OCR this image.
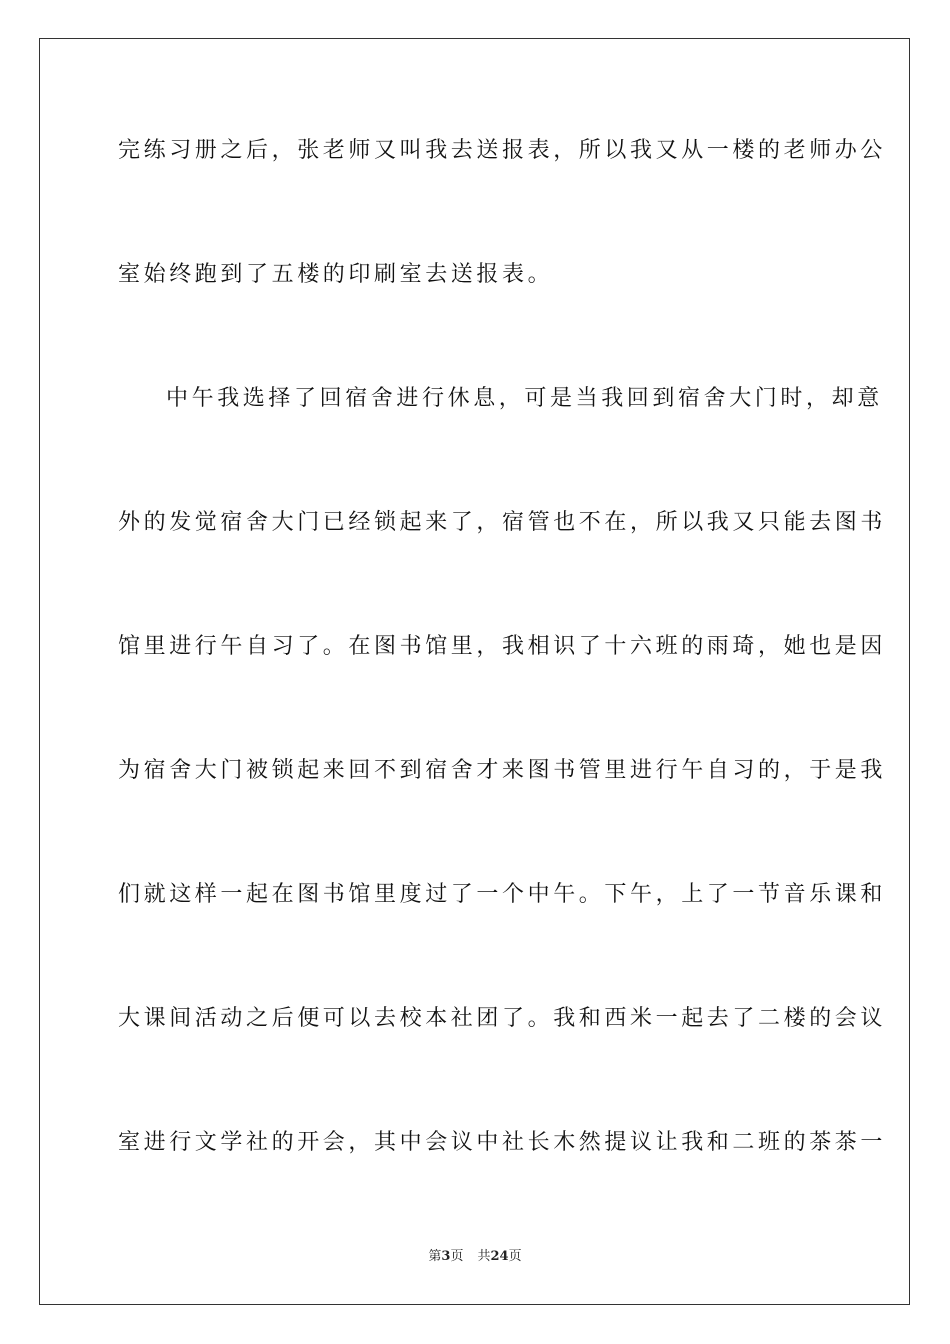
完练习册之后，张老师又叫我去送报表，所以我又从一楼的老师办公
室始终跑到了五楼的印刷室去送报表。
中午我选择了回宿舍进行休息，可是当我回到宿舍大门时，却意
外的发觉宿舍大门已经锁起来了，宿管也不在，所以我又只能去图书
馆里进行午自习了。在图书馆里，我相识了十六班的雨琦，她也是因
为宿舍大门被锁起来回不到宿舍才来图书管里进行午自习的，于是我
们就这样一起在图书馆里度过了一个中午。下午，上了一节音乐课和
大课间活动之后便可以去校本社团了。我和西米一起去了二楼的会议
室进行文学社的开会，其中会议中社长木然提议让我和二班的茶茶一
第3页 共24页
